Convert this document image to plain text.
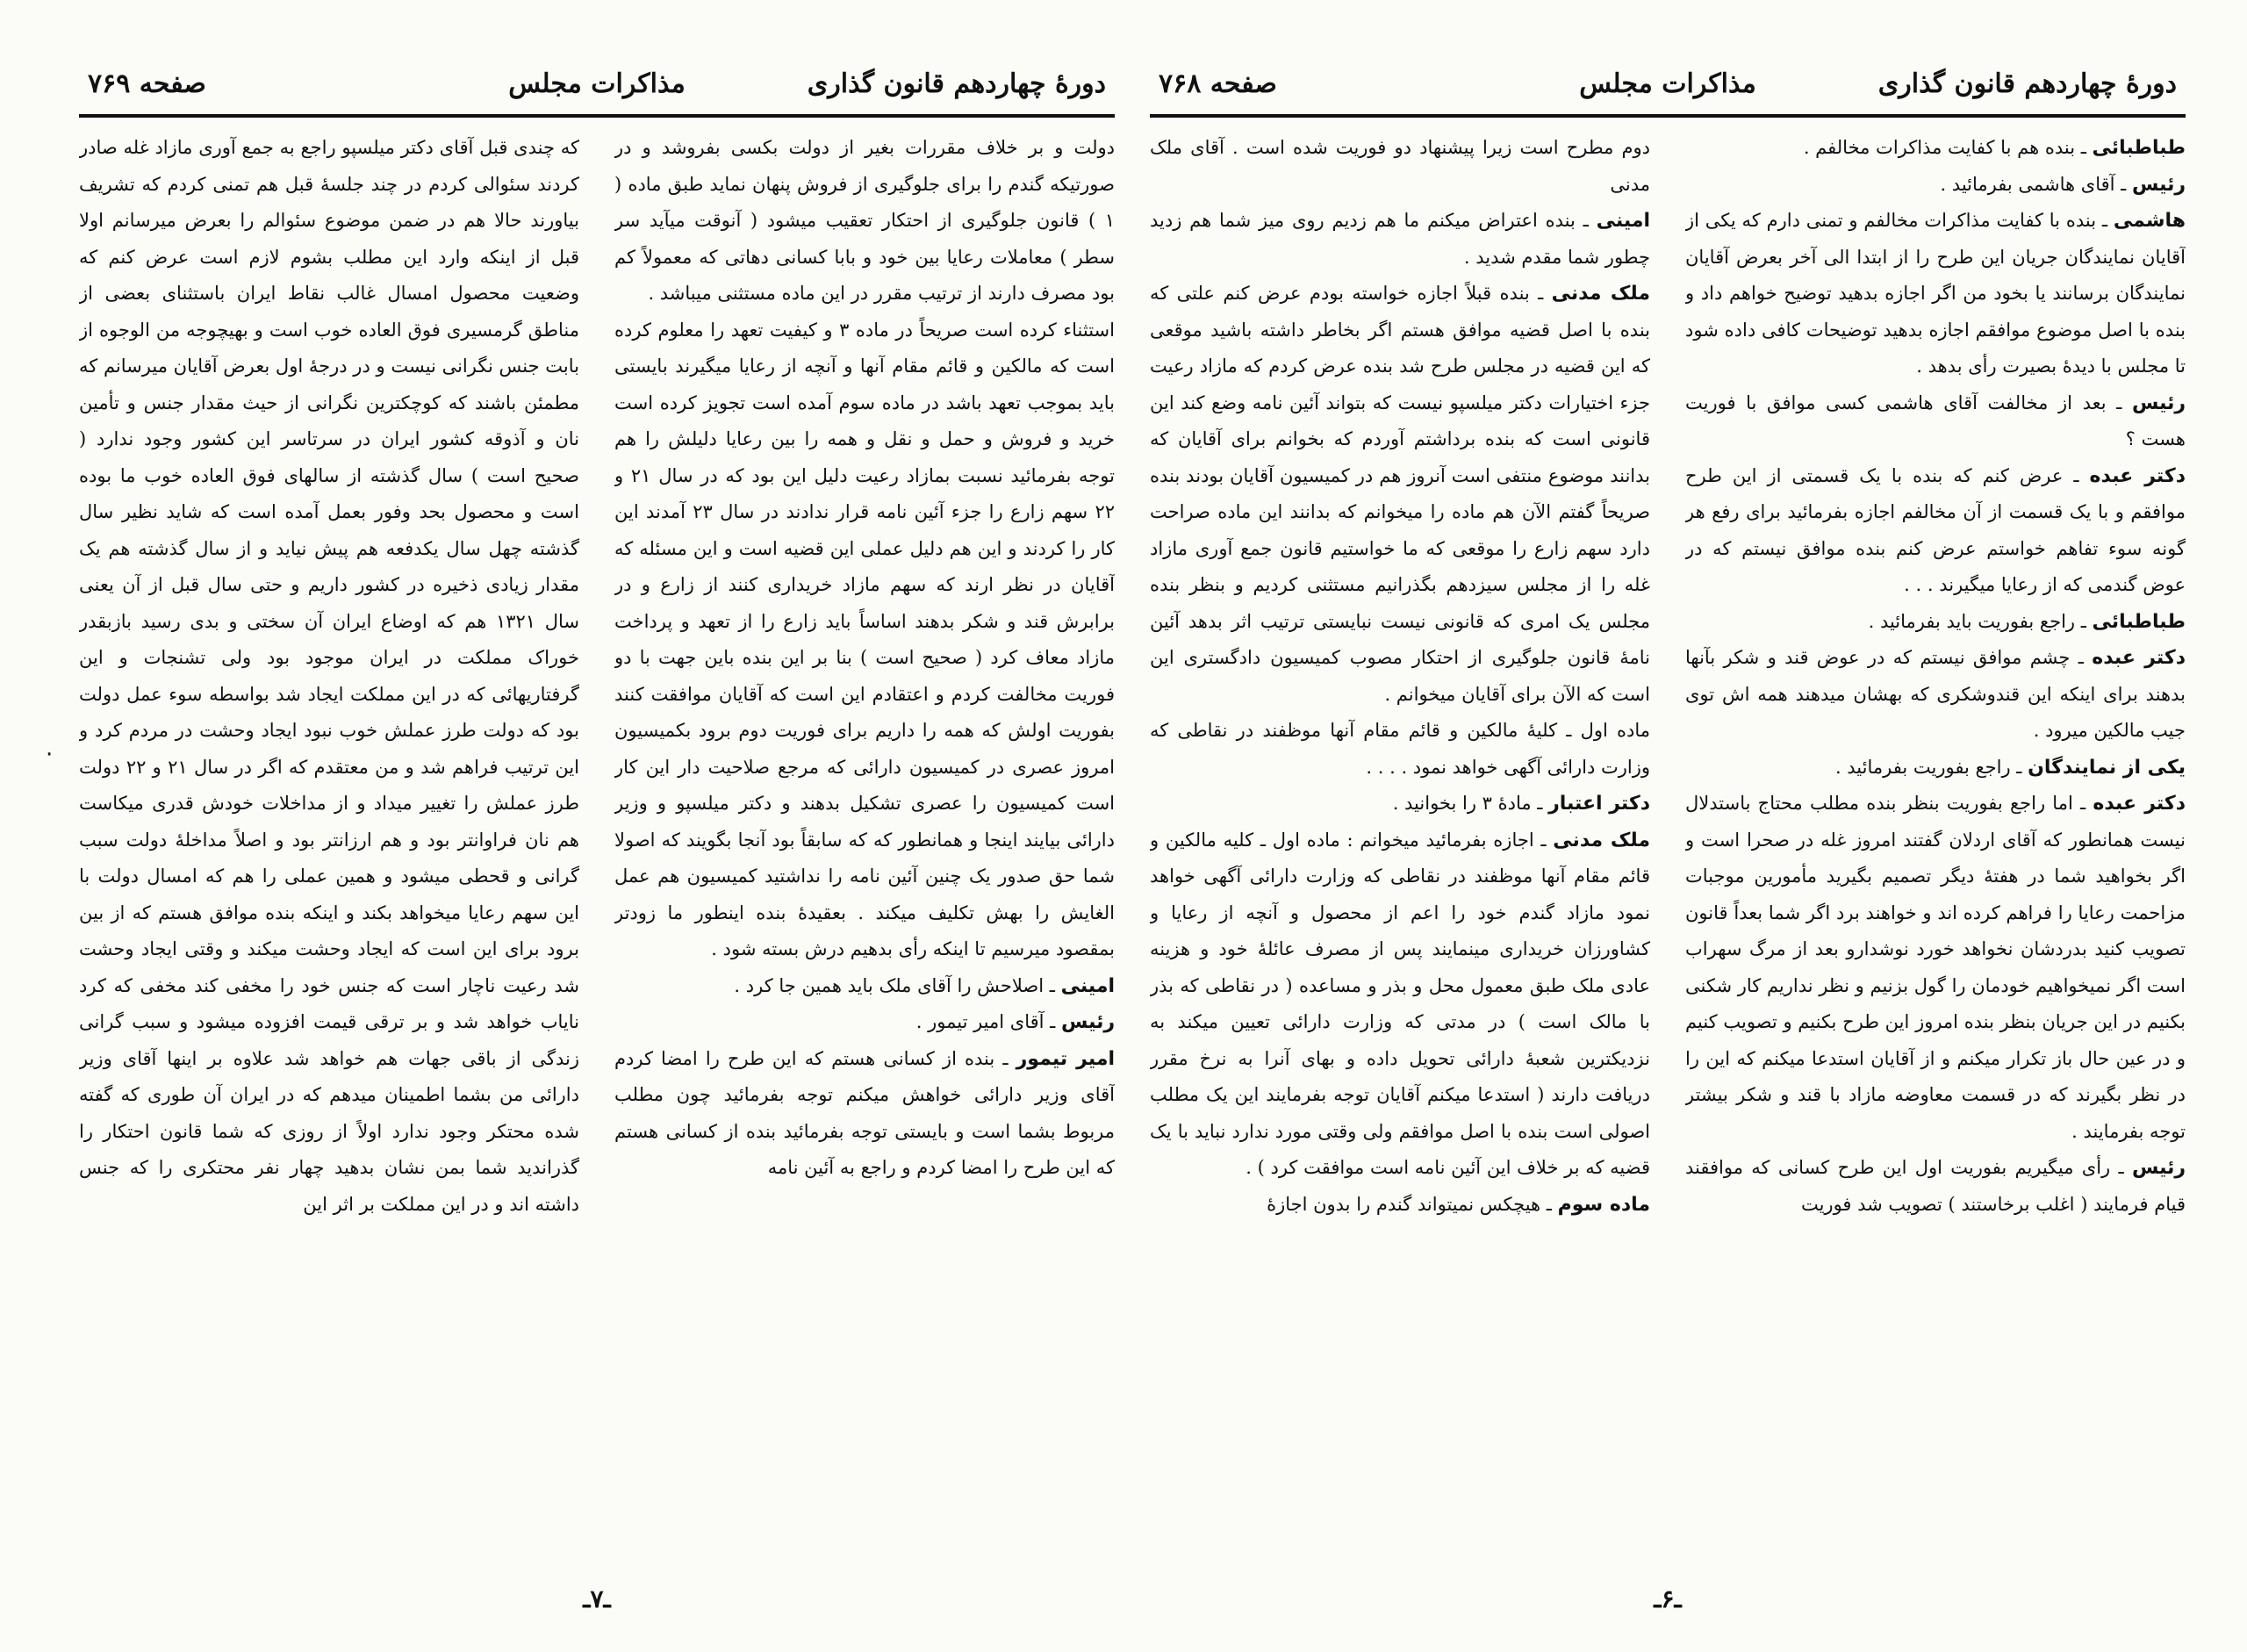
دورهٔ چهاردهم قانون گذاری
مذاکرات مجلس
صفحه ۷۶۹

دولت و بر خلاف مقررات بغیر از دولت بکسی بفروشد و در صورتیکه گندم را برای جلوگیری از فروش پنهان نماید طبق ماده ( ۱ ) قانون جلوگیری از احتکار تعقیب میشود ( آنوقت میآید سر سطر ) معاملات رعایا بین خود و بابا کسانی دهاتی که معمولاً کم بود مصرف دارند از ترتیب مقرر در این ماده مستثنی میباشد .

استثناء کرده است صریحاً در ماده ۳ و کیفیت تعهد را معلوم کرده است که مالکین و قائم مقام آنها و آنچه از رعایا میگیرند بایستی باید بموجب تعهد باشد در ماده سوم آمده است تجویز کرده است خرید و فروش و حمل و نقل و همه را بین رعایا دلیلش را هم توجه بفرمائید نسبت بمازاد رعیت دلیل این بود که در سال ۲۱ و ۲۲ سهم زارع را جزء آئین نامه قرار ندادند در سال ۲۳ آمدند این کار را کردند و این هم دلیل عملی این قضیه است و این مسئله که آقایان در نظر ارند که سهم مازاد خریداری کنند از زارع و در برابرش قند و شکر بدهند اساساً باید زارع را از تعهد و پرداخت مازاد معاف کرد ( صحیح است ) بنا بر این بنده باین جهت با دو فوریت مخالفت کردم و اعتقادم این است که آقایان موافقت کنند بفوریت اولش که همه را داریم برای فوریت دوم برود بکمیسیون امروز عصری در کمیسیون دارائی که مرجع صلاحیت دار این کار است کمیسیون را عصری تشکیل بدهند و دکتر میلسپو و وزیر دارائی بیایند اینجا و همانطور که که سابقاً بود آنجا بگویند که اصولا شما حق صدور یک چنین آئین نامه را نداشتید کمیسیون هم عمل الغایش را بهش تکلیف میکند . بعقیدهٔ بنده اینطور ما زودتر بمقصود میرسیم تا اینکه رأی بدهیم درش بسته شود .

امینی ـ اصلاحش را آقای ملک باید همین جا کرد .

رئیس ـ آقای امیر تیمور .

امیر تیمور ـ بنده از کسانی هستم که این طرح را امضا کردم آقای وزیر دارائی خواهش میکنم توجه بفرمائید چون مطلب مربوط بشما است و بایستی توجه بفرمائید بنده از کسانی هستم که این طرح را امضا کردم و راجع به آئین نامه

که چندی قبل آقای دکتر میلسپو راجع به جمع آوری مازاد غله صادر کردند سئوالی کردم در چند جلسهٔ قبل هم تمنی کردم که تشریف بیاورند حالا هم در ضمن موضوع سئوالم را بعرض میرسانم اولا قبل از اینکه وارد این مطلب بشوم لازم است عرض کنم که وضعیت محصول امسال غالب نقاط ایران باستثنای بعضی از مناطق گرمسیری فوق العاده خوب است و بهیچوجه من الوجوه از بابت جنس نگرانی نیست و در درجهٔ اول بعرض آقایان میرسانم که مطمئن باشند که کوچکترین نگرانی از حیث مقدار جنس و تأمین نان و آذوقه کشور ایران در سرتاسر این کشور وجود ندارد ( صحیح است ) سال گذشته از سالهای فوق العاده خوب ما بوده است و محصول بحد وفور بعمل آمده است که شاید نظیر سال گذشته چهل سال یکدفعه هم پیش نیاید و از سال گذشته هم یک مقدار زیادی ذخیره در کشور داریم و حتی سال قبل از آن یعنی سال ۱۳۲۱ هم که اوضاع ایران آن سختی و بدی رسید بازبقدر خوراک مملکت در ایران موجود بود ولی تشنجات و این گرفتاریهائی که در این مملکت ایجاد شد بواسطه سوء عمل دولت بود که دولت طرز عملش خوب نبود ایجاد وحشت در مردم کرد و این ترتیب فراهم شد و من معتقدم که اگر در سال ۲۱ و ۲۲ دولت طرز عملش را تغییر میداد و از مداخلات خودش قدری میکاست هم نان فراوانتر بود و هم ارزانتر بود و اصلاً مداخلهٔ دولت سبب گرانی و قحطی میشود و همین عملی را هم که امسال دولت با این سهم رعایا میخواهد بکند و اینکه بنده موافق هستم که از بین برود برای این است که ایجاد وحشت میکند و وقتی ایجاد وحشت شد رعیت ناچار است که جنس خود را مخفی کند مخفی که کرد نایاب خواهد شد و بر ترقی قیمت افزوده میشود و سبب گرانی زندگی از باقی جهات هم خواهد شد علاوه بر اینها آقای وزیر دارائی من بشما اطمینان میدهم که در ایران آن طوری که گفته شده محتکر وجود ندارد اولاً از روزی که شما قانون احتکار را گذراندید شما بمن نشان بدهید چهار نفر محتکری را که جنس داشته اند و در این مملکت بر اثر این

ـ۷ـ
·
دورهٔ چهاردهم قانون گذاری
مذاکرات مجلس
صفحه ۷۶۸

طباطبائی ـ بنده هم با کفایت مذاکرات مخالفم .

رئیس ـ آقای هاشمی بفرمائید .

هاشمی ـ بنده با کفایت مذاکرات مخالفم و تمنی دارم که یکی از آقایان نمایندگان جریان این طرح را از ابتدا الی آخر بعرض آقایان نمایندگان برسانند یا بخود من اگر اجازه بدهید توضیح خواهم داد و بنده با اصل موضوع موافقم اجازه بدهید توضیحات کافی داده شود تا مجلس با دیدهٔ بصیرت رأی بدهد .

رئیس ـ بعد از مخالفت آقای هاشمی کسی موافق با فوریت هست ؟

دکتر عبده ـ عرض کنم که بنده با یک قسمتی از این طرح موافقم و با یک قسمت از آن مخالفم اجازه بفرمائید برای رفع هر گونه سوء تفاهم خواستم عرض کنم بنده موافق نیستم که در عوض گندمی که از رعایا میگیرند . . .

طباطبائی ـ راجع بفوریت باید بفرمائید .

دکتر عبده ـ چشم موافق نیستم که در عوض قند و شکر بآنها بدهند برای اینکه این قندوشکری که بهشان میدهند همه اش توی جیب مالکین میرود .

یکی از نمایندگان ـ راجع بفوریت بفرمائید .

دکتر عبده ـ اما راجع بفوریت بنظر بنده مطلب محتاج باستدلال نیست همانطور که آقای اردلان گفتند امروز غله در صحرا است و اگر بخواهید شما در هفتهٔ دیگر تصمیم بگیرید مأمورین موجبات مزاحمت رعایا را فراهم کرده اند و خواهند برد اگر شما بعداً قانون تصویب کنید بدردشان نخواهد خورد نوشدارو بعد از مرگ سهراب است اگر نمیخواهیم خودمان را گول بزنیم و نظر نداریم کار شکنی بکنیم در این جریان بنظر بنده امروز این طرح بکنیم و تصویب کنیم و در عین حال باز تکرار میکنم و از آقایان استدعا میکنم که این را در نظر بگیرند که در قسمت معاوضه مازاد با قند و شکر بیشتر توجه بفرمایند .

رئیس ـ رأی میگیریم بفوریت اول این طرح کسانی که موافقند قیام فرمایند ( اغلب برخاستند ) تصویب شد فوریت

دوم مطرح است زیرا پیشنهاد دو فوریت شده است . آقای ملک مدنی

امینی ـ بنده اعتراض میکنم ما هم زدیم روی میز شما هم زدید چطور شما مقدم شدید .

ملک مدنی ـ بنده قبلاً اجازه خواسته بودم عرض کنم علتی که بنده با اصل قضیه موافق هستم اگر بخاطر داشته باشید موقعی که این قضیه در مجلس طرح شد بنده عرض کردم که مازاد رعیت جزء اختیارات دکتر میلسپو نیست که بتواند آئین نامه وضع کند این قانونی است که بنده برداشتم آوردم که بخوانم برای آقایان که بدانند موضوع منتفی است آنروز هم در کمیسیون آقایان بودند بنده صریحاً گفتم الآن هم ماده را میخوانم که بدانند این ماده صراحت دارد سهم زارع را موقعی که ما خواستیم قانون جمع آوری مازاد غله را از مجلس سیزدهم بگذرانیم مستثنی کردیم و بنظر بنده مجلس یک امری که قانونی نیست نبایستی ترتیب اثر بدهد آئین نامهٔ قانون جلوگیری از احتکار مصوب کمیسیون دادگستری این است که الآن برای آقایان میخوانم .

ماده اول ـ کلیهٔ مالکین و قائم مقام آنها موظفند در نقاطی که وزارت دارائی آگهی خواهد نمود . . . .

دکتر اعتبار ـ مادهٔ ۳ را بخوانید .

ملک مدنی ـ اجازه بفرمائید میخوانم : ماده اول ـ کلیه مالکین و قائم مقام آنها موظفند در نقاطی که وزارت دارائی آگهی خواهد نمود مازاد گندم خود را اعم از محصول و آنچه از رعایا و کشاورزان خریداری مینمایند پس از مصرف عائلهٔ خود و هزینه عادی ملک طبق معمول محل و بذر و مساعده ( در نقاطی که بذر با مالک است ) در مدتی که وزارت دارائی تعیین میکند به نزدیکترین شعبهٔ دارائی تحویل داده و بهای آنرا به نرخ مقرر دریافت دارند ( استدعا میکنم آقایان توجه بفرمایند این یک مطلب اصولی است بنده با اصل موافقم ولی وقتی مورد ندارد نباید با یک قضیه که بر خلاف این آئین نامه است موافقت کرد ) .

ماده سوم ـ هیچکس نمیتواند گندم را بدون اجازهٔ

ـ۶ـ
